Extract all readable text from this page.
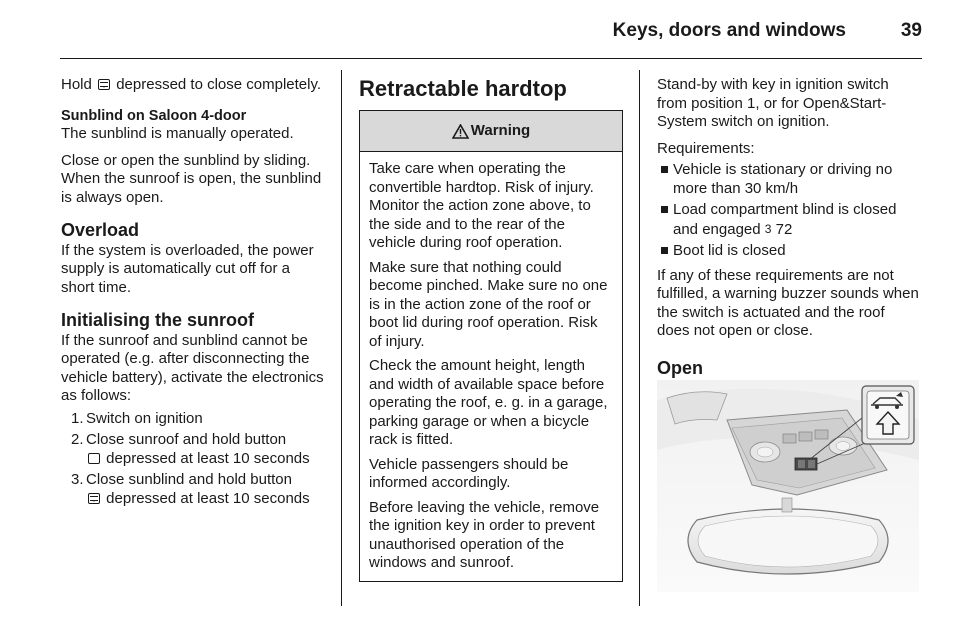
Keys, doors and windows	39

Hold depressed to close completely.

Sunblind on Saloon 4-door
The sunblind is manually operated.

Close or open the sunblind by sliding. When the sunroof is open, the sunblind is always open.

Overload

If the system is overloaded, the power supply is automatically cut off for a short time.

Initialising the sunroof

If the sunroof and sunblind cannot be operated (e.g. after disconnecting the vehicle battery), activate the electronics as follows:

1. Switch on ignition
2. Close sunroof and hold button
depressed at least 10 seconds
3. Close sunblind and hold button
depressed at least 10 seconds
Retractable hardtop
Warning

Take care when operating the convertible hardtop. Risk of injury. Monitor the action zone above, to the side and to the rear of the vehicle during roof operation.

Make sure that nothing could become pinched. Make sure no one is in the action zone of the roof or boot lid during roof operation. Risk of injury.

Check the amount height, length and width of available space before operating the roof, e. g. in a garage, parking garage or when a bicycle rack is fitted.

Vehicle passengers should be informed accordingly.

Before leaving the vehicle, remove the ignition key in order to prevent unauthorised operation of the windows and sunroof.

Stand-by with key in ignition switch from position 1, or for Open&Start-System switch on ignition.

Requirements:

Vehicle is stationary or driving no more than 30 km/h
Load compartment blind is closed and engaged 3 72
Boot lid is closed

If any of these requirements are not fulfilled, a warning buzzer sounds when the switch is actuated and the roof does not open or close.

Open
